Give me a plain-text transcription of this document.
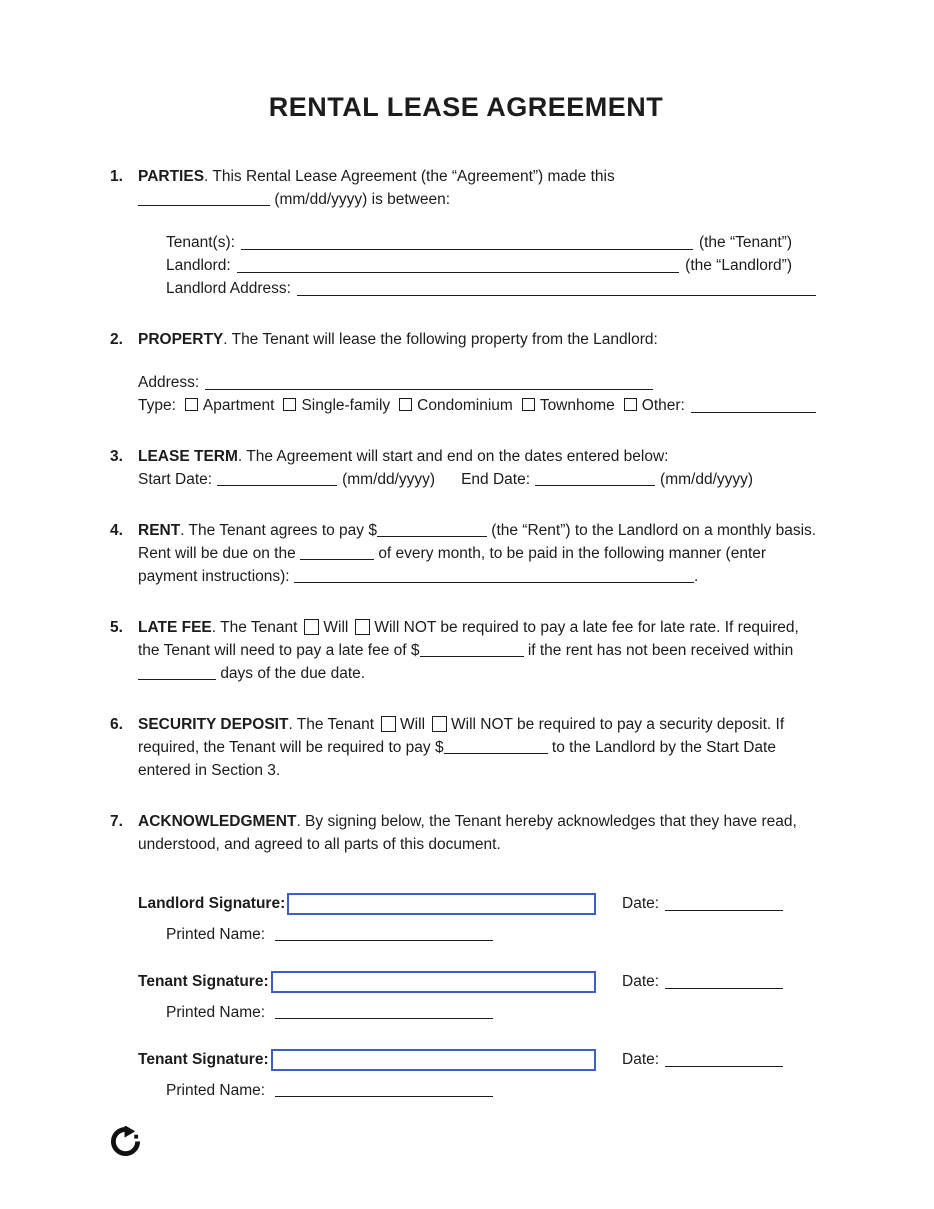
RENTAL LEASE AGREEMENT
1. PARTIES. This Rental Lease Agreement (the “Agreement”) made this
(mm/dd/yyyy) is between:

Tenant(s):	(the “Tenant”)
Landlord:	(the “Landlord”)
Landlord Address:
2. PROPERTY. The Tenant will lease the following property from the Landlord:

Address:
Type:	Apartment	Single-family	Condominium	Townhome	Other:
3. LEASE TERM. The Agreement will start and end on the dates entered below:

Start Date:	(mm/dd/yyyy) End Date:	(mm/dd/yyyy)
4. RENT. The Tenant agrees to pay $	(the “Rent”) to the Landlord on a monthly basis. Rent will be due on the	of every month, to be paid in the following manner (enter payment instructions):	.

5. LATE FEE. The Tenant Will Will NOT be required to pay a late fee for late rate. If required, the Tenant will need to pay a late fee of $	if the rent has not been received within  days of the due date.

6. SECURITY DEPOSIT. The Tenant Will Will NOT be required to pay a security deposit. If required, the Tenant will be required to pay $	to the Landlord by the Start Date entered in Section 3.

7. ACKNOWLEDGMENT. By signing below, the Tenant hereby acknowledges that they have read, understood, and agreed to all parts of this document.

Landlord Signature:	Date:
Printed Name:
Tenant Signature:	Date:
Printed Name:
Tenant Signature:	Date:
Printed Name:
